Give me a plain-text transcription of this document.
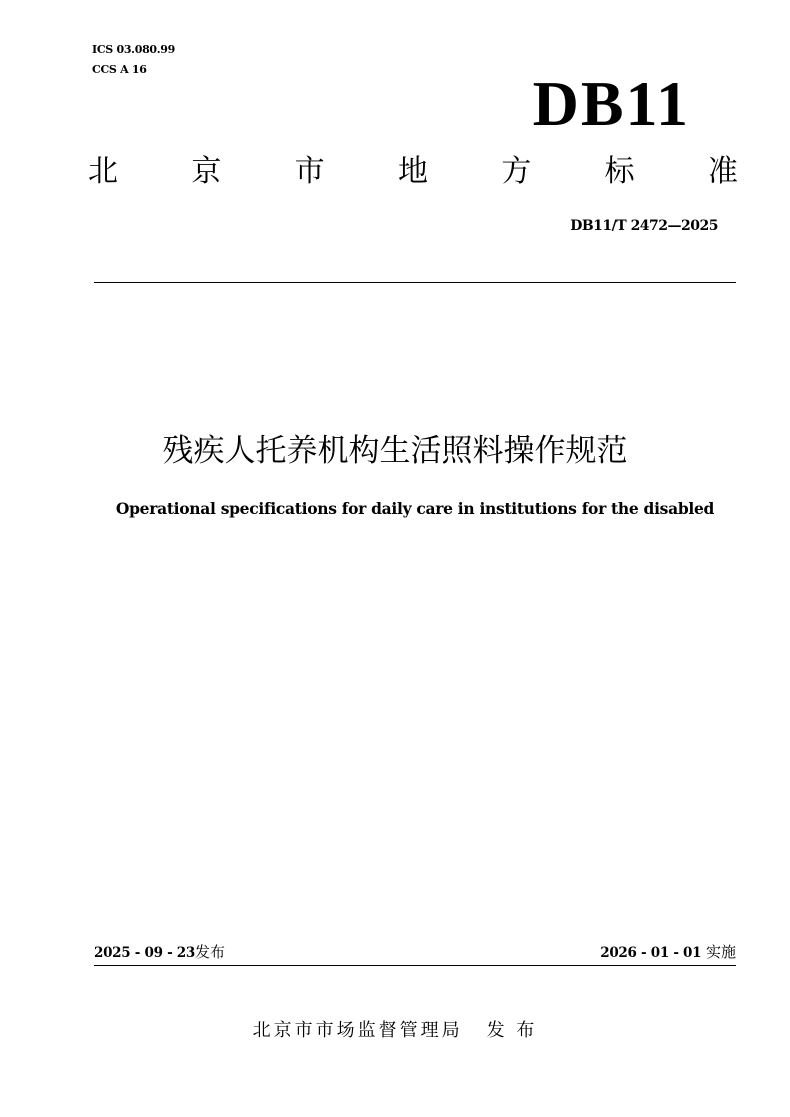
ICS 03.080.99
CCS A 16	DB11
北 京 市 地 方 标 准
DB11/T 2472—2025
残疾人托养机构生活照料操作规范
Operational specifications for daily care in institutions for the disabled
2025 - 09 - 23发布	2026 - 01 - 01 实施
北京市市场监督管理局 发 布
